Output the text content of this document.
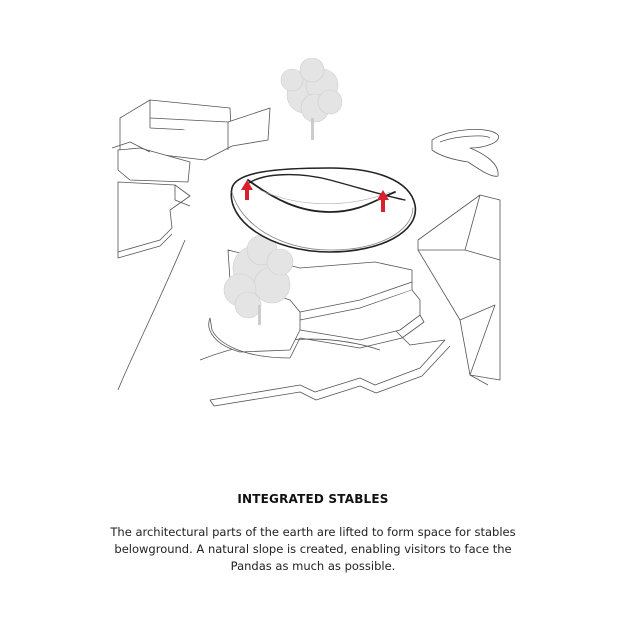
INTEGRATED STABLES
The architectural parts of the earth are lifted to form space for stables belowground. A natural slope is created, enabling visitors to face the Pandas as much as possible.
